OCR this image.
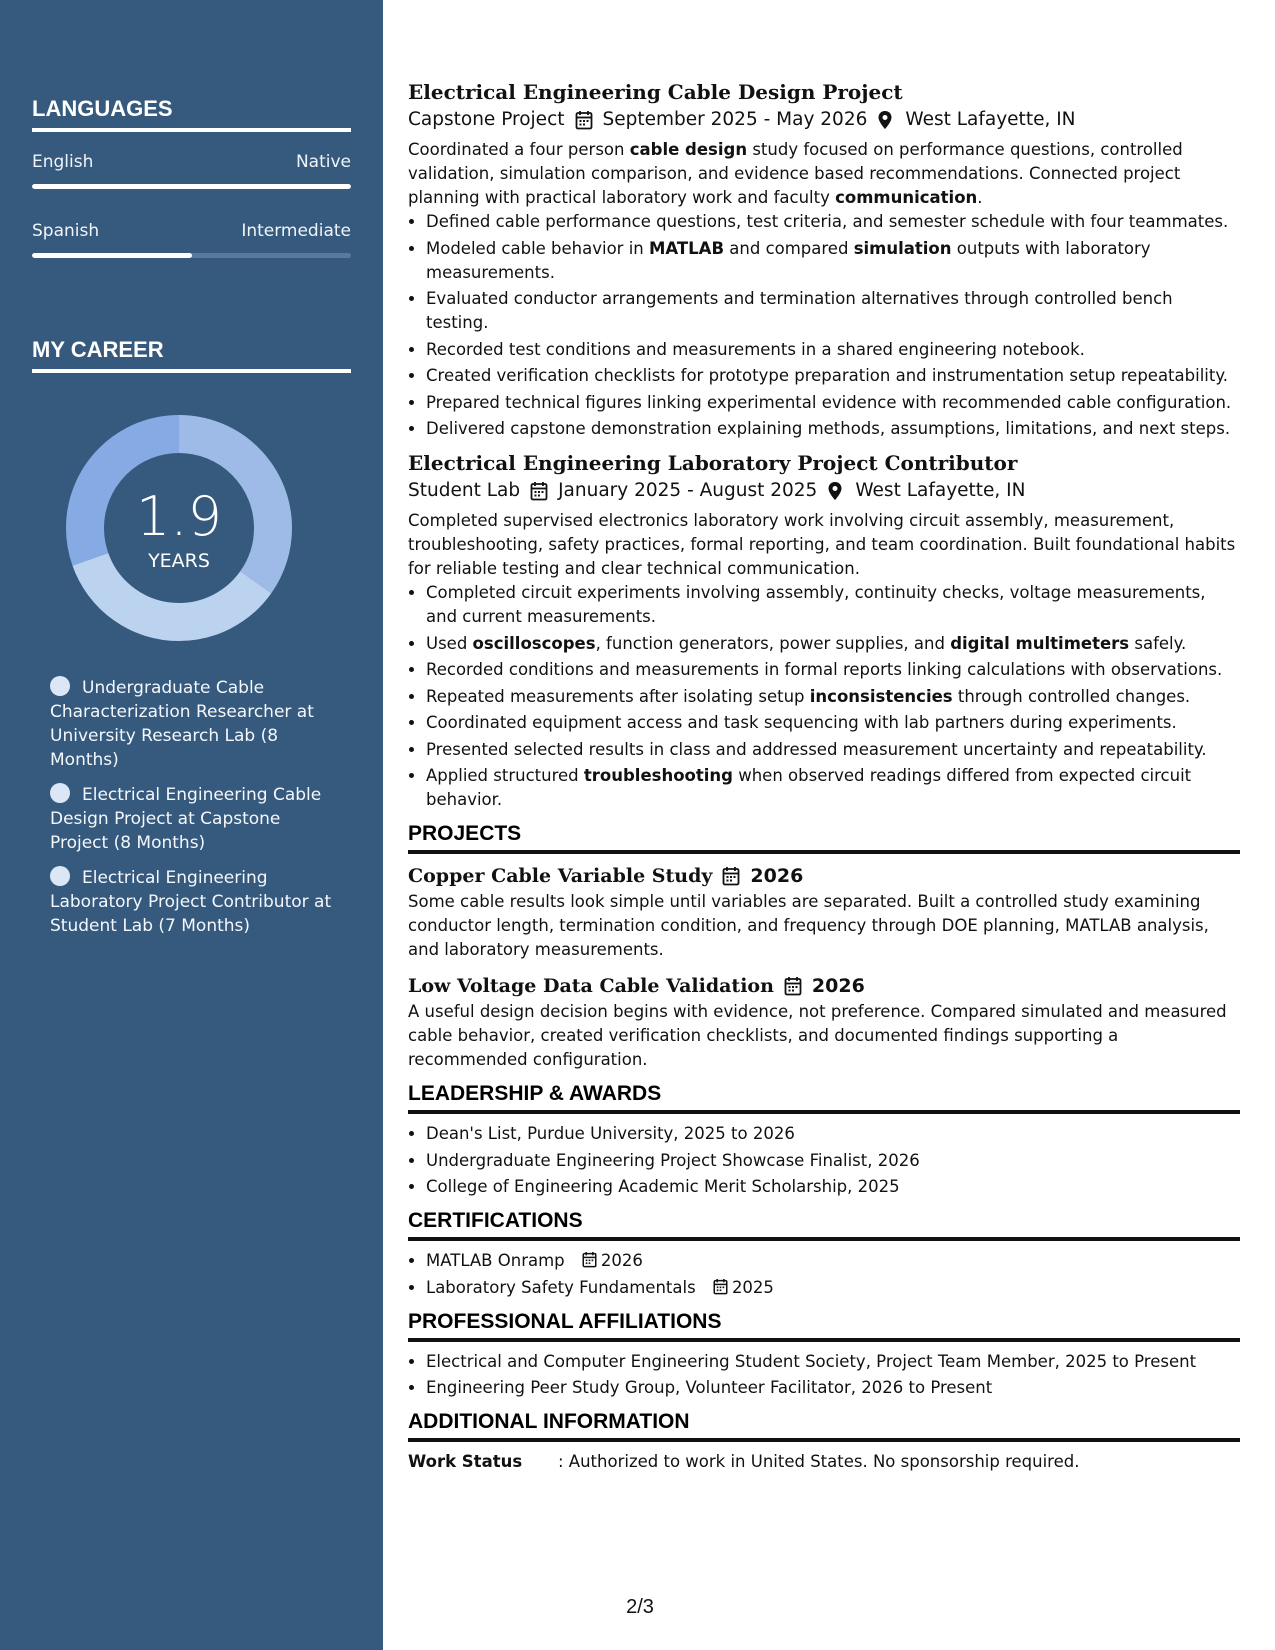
LANGUAGES
English	Native
Spanish	Intermediate
MY CAREER
1.9
YEARS
Undergraduate Cable Characterization Researcher at University Research Lab (8 Months)
Electrical Engineering Cable Design Project at Capstone Project (8 Months)
Electrical Engineering Laboratory Project Contributor at Student Lab (7 Months)
Electrical Engineering Cable Design Project
Capstone Project September 2025 - May 2026 West Lafayette, IN
Coordinated a four person cable design study focused on performance questions, controlled validation, simulation comparison, and evidence based recommendations. Connected project planning with practical laboratory work and faculty communication.
• Defined cable performance questions, test criteria, and semester schedule with four teammates.
• Modeled cable behavior in MATLAB and compared simulation outputs with laboratory measurements.
• Evaluated conductor arrangements and termination alternatives through controlled bench testing.
• Recorded test conditions and measurements in a shared engineering notebook.
• Created verification checklists for prototype preparation and instrumentation setup repeatability.
• Prepared technical figures linking experimental evidence with recommended cable configuration.
• Delivered capstone demonstration explaining methods, assumptions, limitations, and next steps.
Electrical Engineering Laboratory Project Contributor
Student Lab January 2025 - August 2025 West Lafayette, IN
Completed supervised electronics laboratory work involving circuit assembly, measurement, troubleshooting, safety practices, formal reporting, and team coordination. Built foundational habits for reliable testing and clear technical communication.
• Completed circuit experiments involving assembly, continuity checks, voltage measurements, and current measurements.
• Used oscilloscopes, function generators, power supplies, and digital multimeters safely.
• Recorded conditions and measurements in formal reports linking calculations with observations.
• Repeated measurements after isolating setup inconsistencies through controlled changes.
• Coordinated equipment access and task sequencing with lab partners during experiments.
• Presented selected results in class and addressed measurement uncertainty and repeatability.
• Applied structured troubleshooting when observed readings differed from expected circuit behavior.
PROJECTS
Copper Cable Variable Study 2026
Some cable results look simple until variables are separated. Built a controlled study examining conductor length, termination condition, and frequency through DOE planning, MATLAB analysis, and laboratory measurements.
Low Voltage Data Cable Validation 2026
A useful design decision begins with evidence, not preference. Compared simulated and measured cable behavior, created verification checklists, and documented findings supporting a recommended configuration.
LEADERSHIP & AWARDS
• Dean's List, Purdue University, 2025 to 2026
• Undergraduate Engineering Project Showcase Finalist, 2026
• College of Engineering Academic Merit Scholarship, 2025
CERTIFICATIONS
• MATLAB Onramp 2026
• Laboratory Safety Fundamentals 2025
PROFESSIONAL AFFILIATIONS
• Electrical and Computer Engineering Student Society, Project Team Member, 2025 to Present
• Engineering Peer Study Group, Volunteer Facilitator, 2026 to Present
ADDITIONAL INFORMATION
Work Status	: Authorized to work in United States. No sponsorship required.
2/3
